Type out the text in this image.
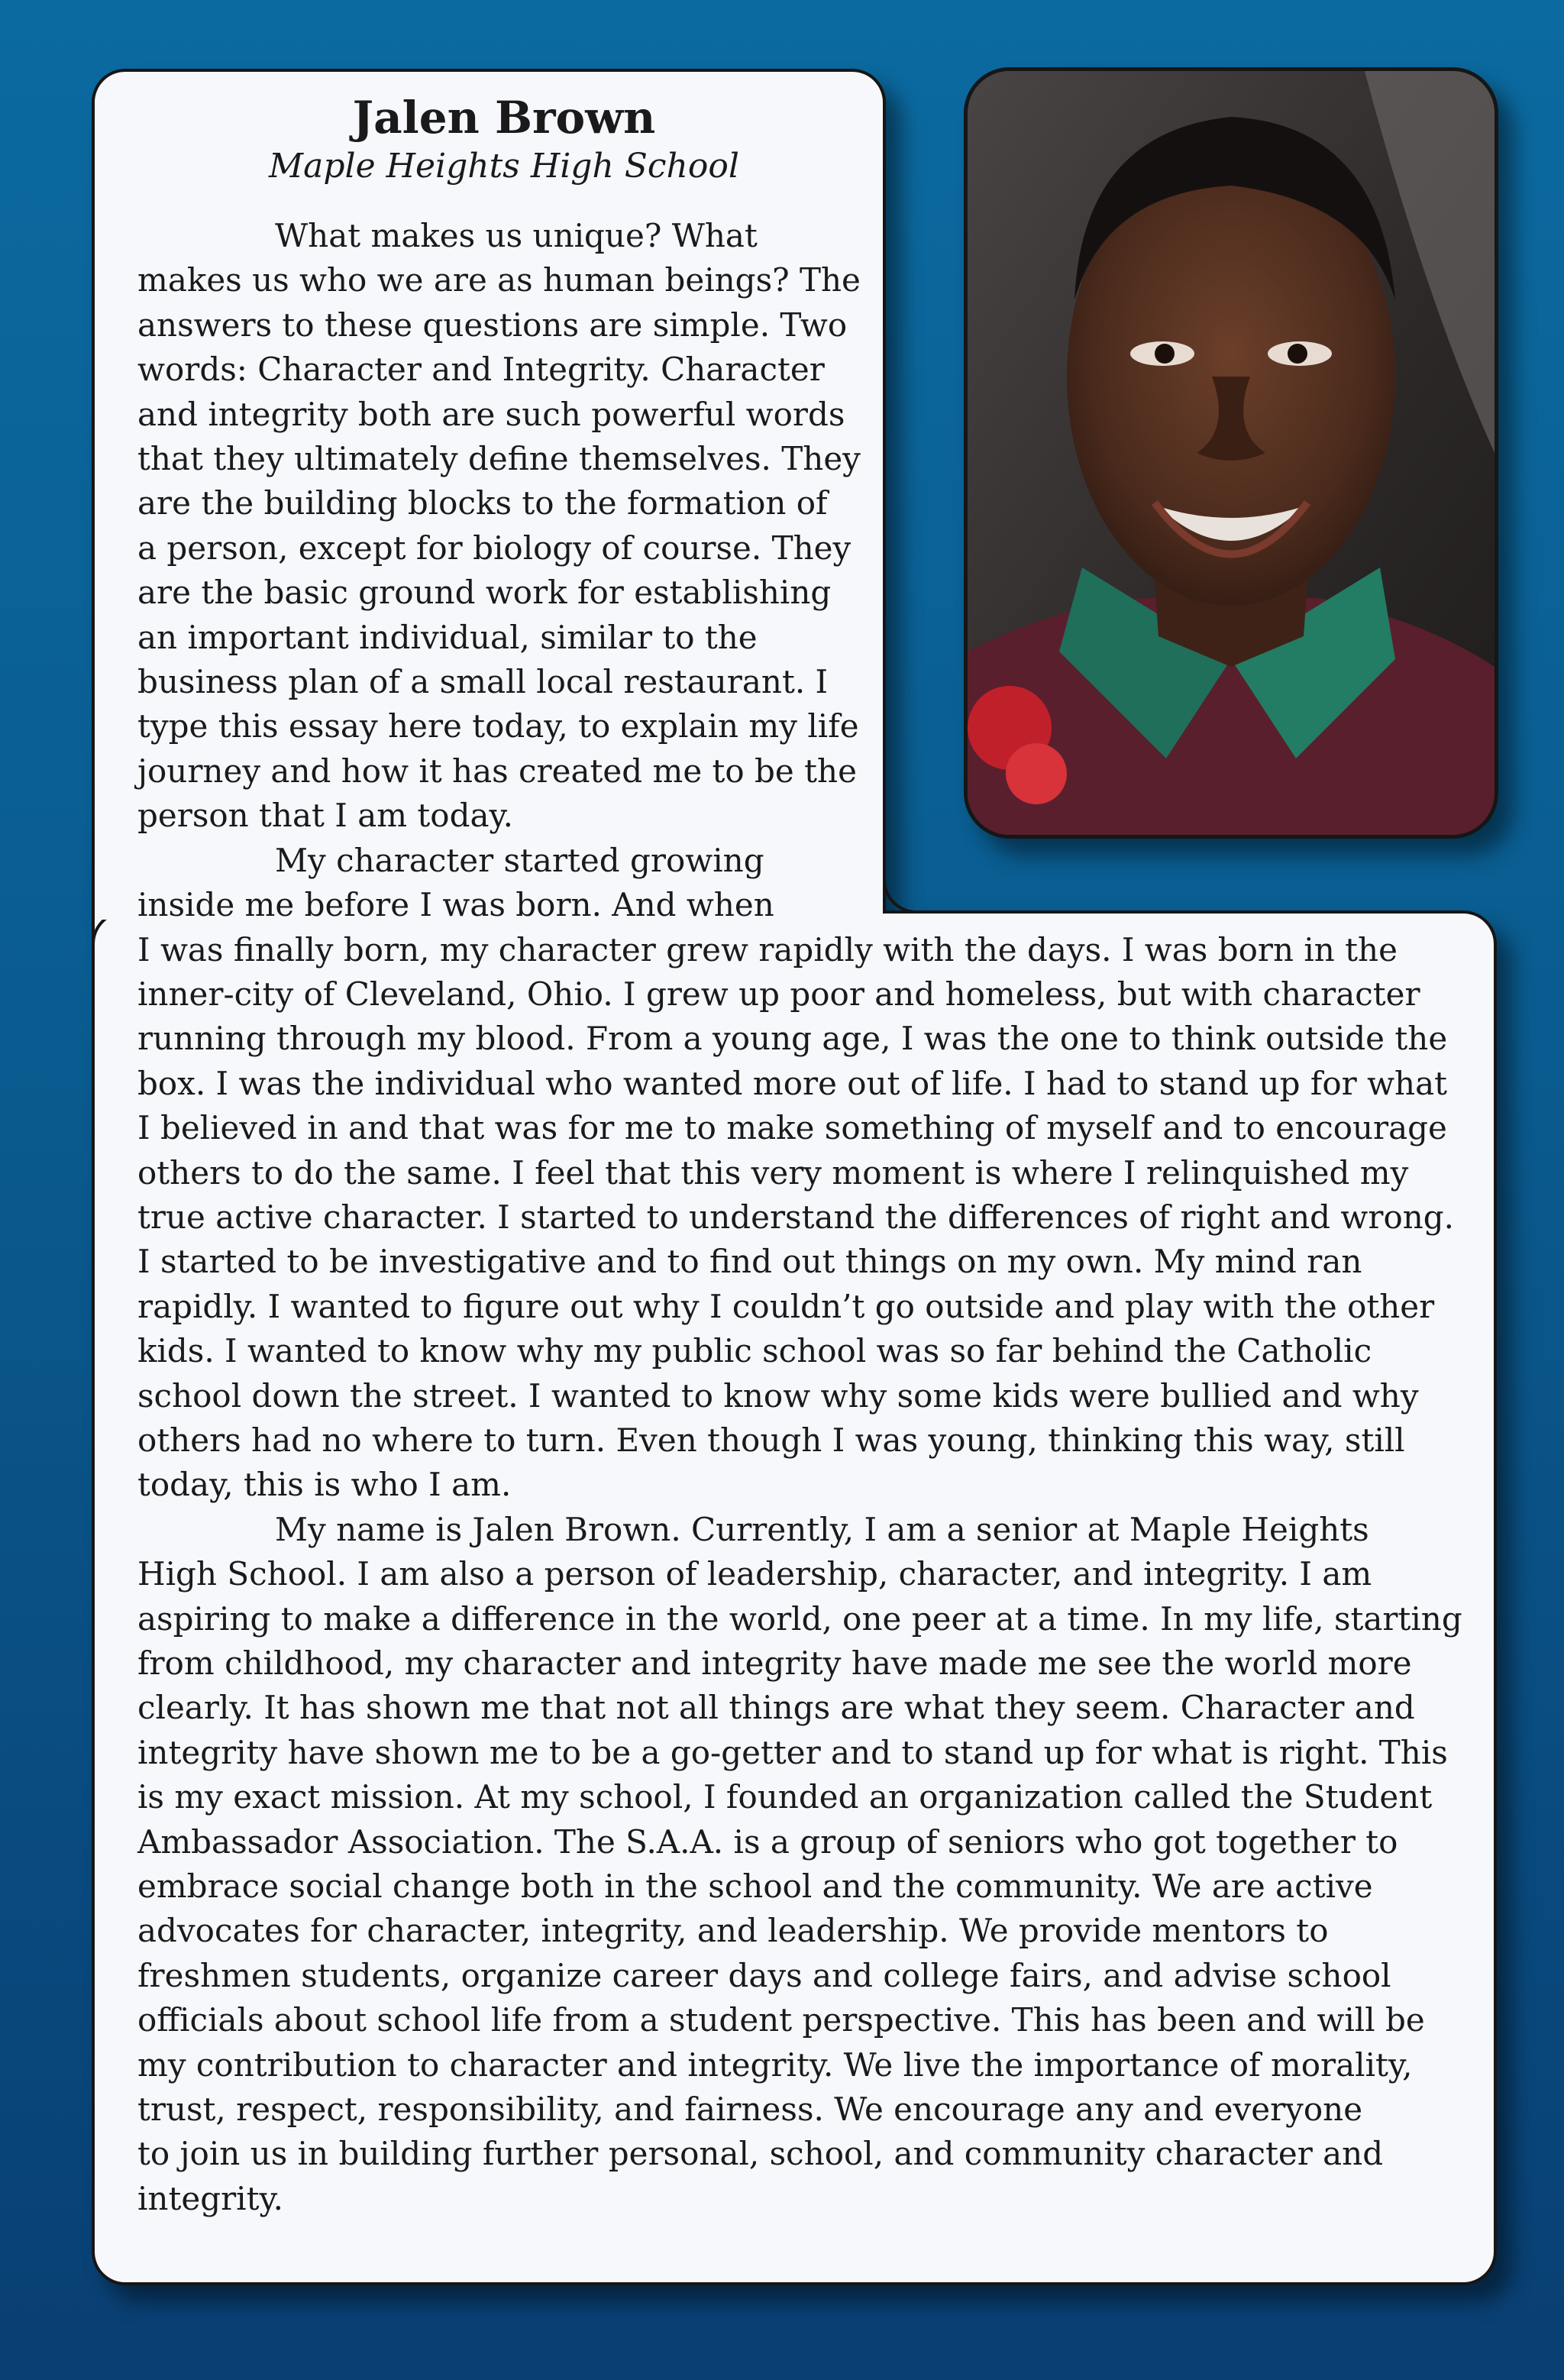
Jalen Brown
Maple Heights High School
What makes us unique? What
makes us who we are as human beings? The
answers to these questions are simple. Two
words: Character and Integrity. Character
and integrity both are such powerful words
that they ultimately define themselves. They
are the building blocks to the formation of
a person, except for biology of course. They
are the basic ground work for establishing
an important individual, similar to the
business plan of a small local restaurant. I
type this essay here today, to explain my life
journey and how it has created me to be the
person that I am today.
My character started growing
inside me before I was born. And when
I was finally born, my character grew rapidly with the days. I was born in the
inner-city of Cleveland, Ohio. I grew up poor and homeless, but with character
running through my blood. From a young age, I was the one to think outside the
box. I was the individual who wanted more out of life. I had to stand up for what
I believed in and that was for me to make something of myself and to encourage
others to do the same. I feel that this very moment is where I relinquished my
true active character. I started to understand the differences of right and wrong.
I started to be investigative and to find out things on my own. My mind ran
rapidly. I wanted to figure out why I couldn’t go outside and play with the other
kids. I wanted to know why my public school was so far behind the Catholic
school down the street. I wanted to know why some kids were bullied and why
others had no where to turn. Even though I was young, thinking this way, still
today, this is who I am.
My name is Jalen Brown. Currently, I am a senior at Maple Heights
High School. I am also a person of leadership, character, and integrity. I am
aspiring to make a difference in the world, one peer at a time. In my life, starting
from childhood, my character and integrity have made me see the world more
clearly. It has shown me that not all things are what they seem. Character and
integrity have shown me to be a go-getter and to stand up for what is right. This
is my exact mission. At my school, I founded an organization called the Student
Ambassador Association. The S.A.A. is a group of seniors who got together to
embrace social change both in the school and the community. We are active
advocates for character, integrity, and leadership. We provide mentors to
freshmen students, organize career days and college fairs, and advise school
officials about school life from a student perspective. This has been and will be
my contribution to character and integrity. We live the importance of morality,
trust, respect, responsibility, and fairness. We encourage any and everyone
to join us in building further personal, school, and community character and
integrity.
